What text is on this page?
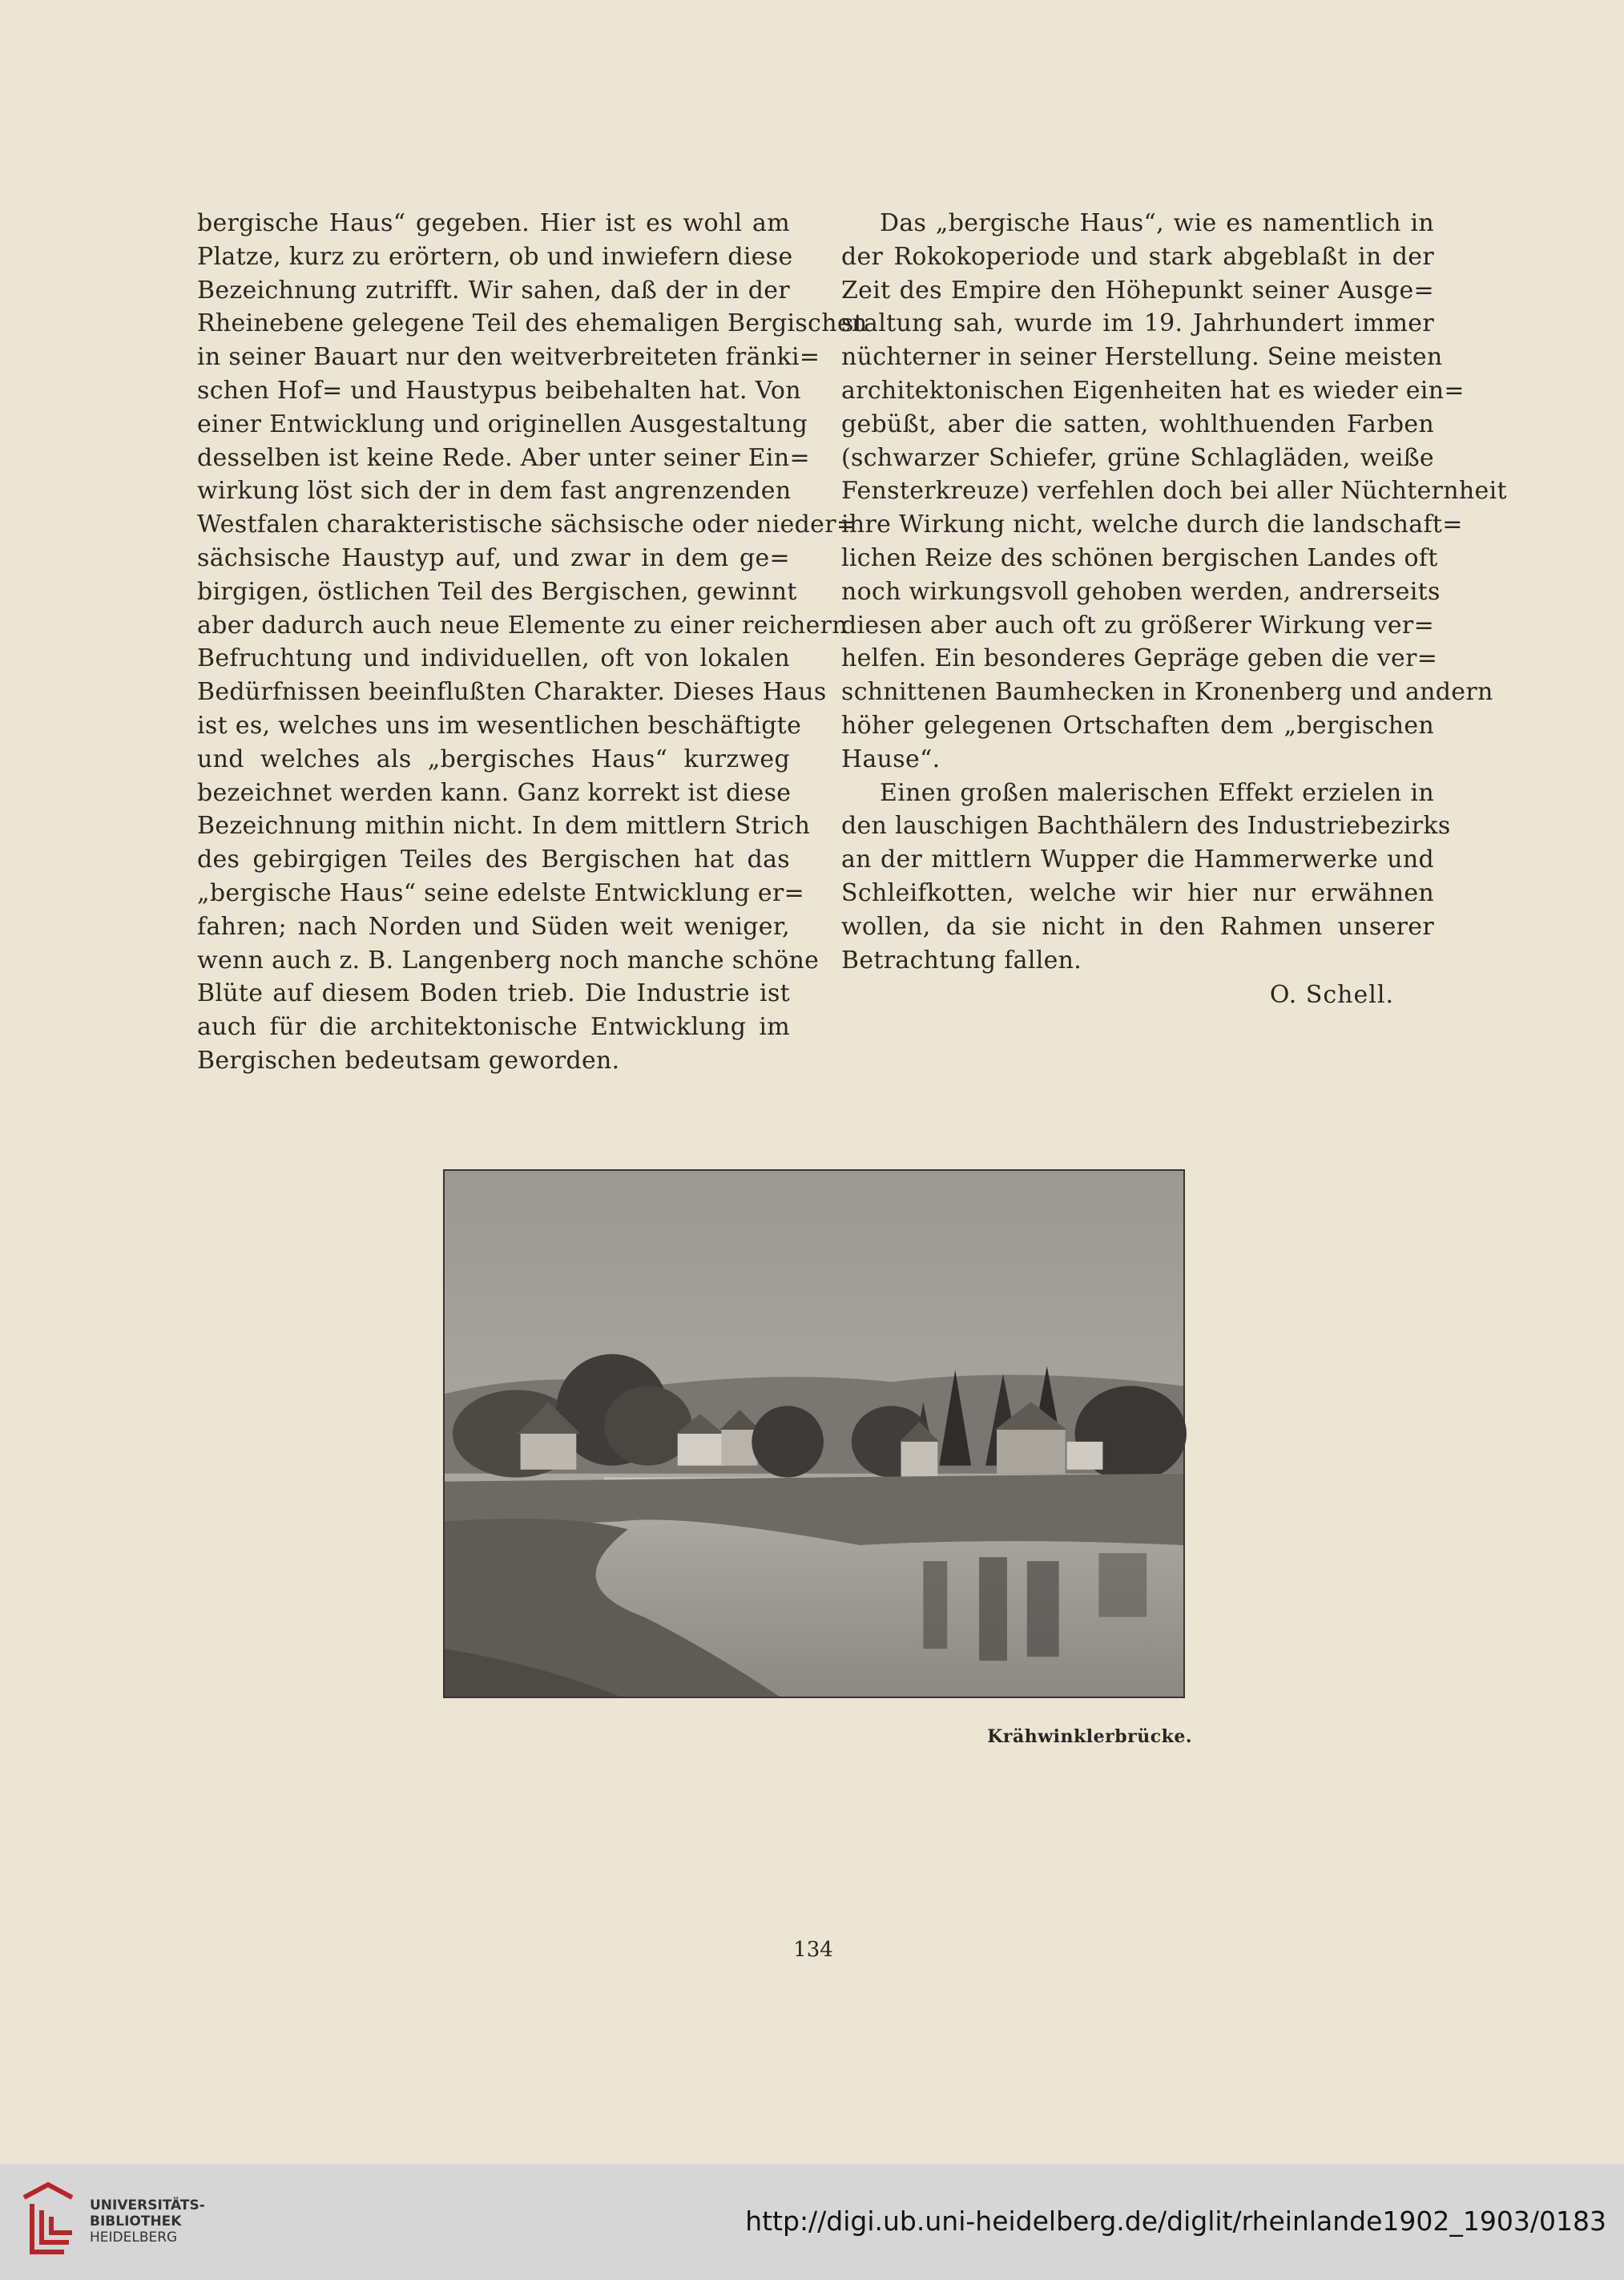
bergische Haus“ gegeben. Hier ist es wohl am
Platze, kurz zu erörtern, ob und inwiefern diese
Bezeichnung zutrifft. Wir sahen, daß der in der
Rheinebene gelegene Teil des ehemaligen Bergischen
in seiner Bauart nur den weitverbreiteten fränki=
schen Hof= und Haustypus beibehalten hat. Von
einer Entwicklung und originellen Ausgestaltung
desselben ist keine Rede. Aber unter seiner Ein=
wirkung löst sich der in dem fast angrenzenden
Westfalen charakteristische sächsische oder nieder=
sächsische Haustyp auf, und zwar in dem ge=
birgigen, östlichen Teil des Bergischen, gewinnt
aber dadurch auch neue Elemente zu einer reichern
Befruchtung und individuellen, oft von lokalen
Bedürfnissen beeinflußten Charakter. Dieses Haus
ist es, welches uns im wesentlichen beschäftigte
und welches als „bergisches Haus“ kurzweg
bezeichnet werden kann. Ganz korrekt ist diese
Bezeichnung mithin nicht. In dem mittlern Strich
des gebirgigen Teiles des Bergischen hat das
„bergische Haus“ seine edelste Entwicklung er=
fahren; nach Norden und Süden weit weniger,
wenn auch z. B. Langenberg noch manche schöne
Blüte auf diesem Boden trieb. Die Industrie ist
auch für die architektonische Entwicklung im
Bergischen bedeutsam geworden.
Das „bergische Haus“, wie es namentlich in
der Rokokoperiode und stark abgeblaßt in der
Zeit des Empire den Höhepunkt seiner Ausge=
staltung sah, wurde im 19. Jahrhundert immer
nüchterner in seiner Herstellung. Seine meisten
architektonischen Eigenheiten hat es wieder ein=
gebüßt, aber die satten, wohlthuenden Farben
(schwarzer Schiefer, grüne Schlagläden, weiße
Fensterkreuze) verfehlen doch bei aller Nüchternheit
ihre Wirkung nicht, welche durch die landschaft=
lichen Reize des schönen bergischen Landes oft
noch wirkungsvoll gehoben werden, andrerseits
diesen aber auch oft zu größerer Wirkung ver=
helfen. Ein besonderes Gepräge geben die ver=
schnittenen Baumhecken in Kronenberg und andern
höher gelegenen Ortschaften dem „bergischen
Hause“.
Einen großen malerischen Effekt erzielen in
den lauschigen Bachthälern des Industriebezirks
an der mittlern Wupper die Hammerwerke und
Schleifkotten, welche wir hier nur erwähnen
wollen, da sie nicht in den Rahmen unserer
Betrachtung fallen.
O. Schell.
Krähwinklerbrücke.
134
UNIVERSITÄTS-
BIBLIOTHEK
HEIDELBERG
http://digi.ub.uni-heidelberg.de/diglit/rheinlande1902_1903/0183
